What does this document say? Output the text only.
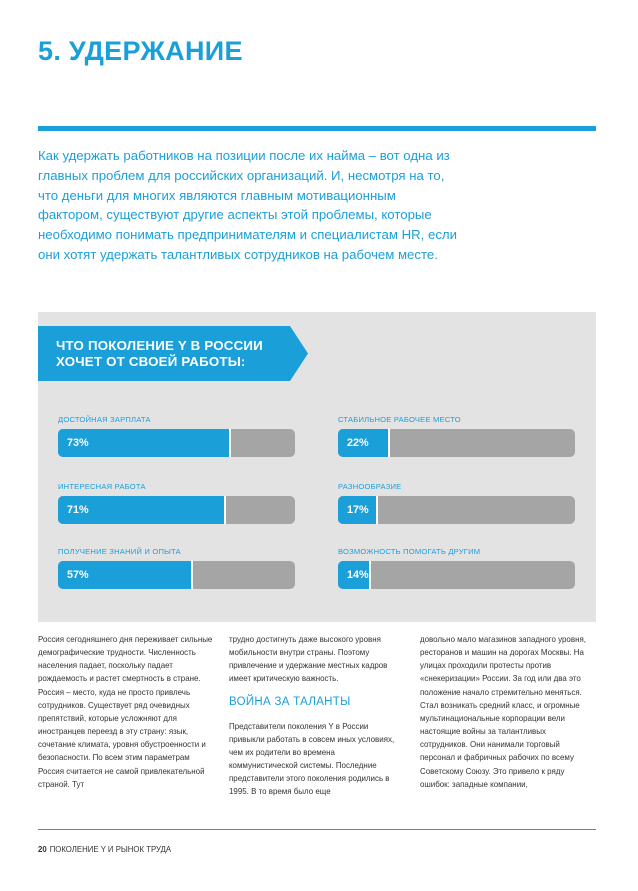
5. УДЕРЖАНИЕ

Как удержать работников на позиции после их найма – вот одна из главных проблем для российских организаций. И, несмотря на то, что деньги для многих являются главным мотивационным фактором, существуют другие аспекты этой проблемы, которые необходимо понимать предпринимателям и специалистам HR, если они хотят удержать талантливых сотрудников на рабочем месте.

ЧТО ПОКОЛЕНИЕ Y В РОССИИ
ХОЧЕТ ОТ СВОЕЙ РАБОТЫ:
ДОСТОЙНАЯ ЗАРПЛАТА
73%
СТАБИЛЬНОЕ РАБОЧЕЕ МЕСТО
22%
ИНТЕРЕСНАЯ РАБОТА
71%
РАЗНООБРАЗИЕ
17%
ПОЛУЧЕНИЕ ЗНАНИЙ И ОПЫТА
57%
ВОЗМОЖНОСТЬ ПОМОГАТЬ ДРУГИМ
14%

Россия сегодняшнего дня переживает сильные демографические трудности. Численность населения падает, поскольку падает рождаемость и растет смертность в стране. Россия – место, куда не просто привлечь сотрудников. Существует ряд очевидных препятствий, которые усложняют для иностранцев переезд в эту страну: язык, сочетание климата, уровня обустроенности и безопасности. По всем этим параметрам Россия считается не самой привлекательной страной. Тут

трудно достигнуть даже высокого уровня мобильности внутри страны. Поэтому привлечение и удержание местных кадров имеет критическую важность.

ВОЙНА ЗА ТАЛАНТЫ

Представители поколения Y в России привыкли работать в совсем иных условиях, чем их родители во времена коммунистической системы. Последние представители этого поколения родились в 1995. В то время было еще

довольно мало магазинов западного уровня, ресторанов и машин на дорогах Москвы. На улицах проходили протесты против «снекеризации» России. За год или два это положение начало стремительно меняться. Стал возникать средний класс, и огромные мультинациональные корпорации вели настоящие войны за талантливых сотрудников. Они нанимали торговый персонал и фабричных рабочих по всему Советскому Союзу. Это привело к ряду ошибок: западные компании,

20 ПОКОЛЕНИЕ Y И РЫНОК ТРУДА
